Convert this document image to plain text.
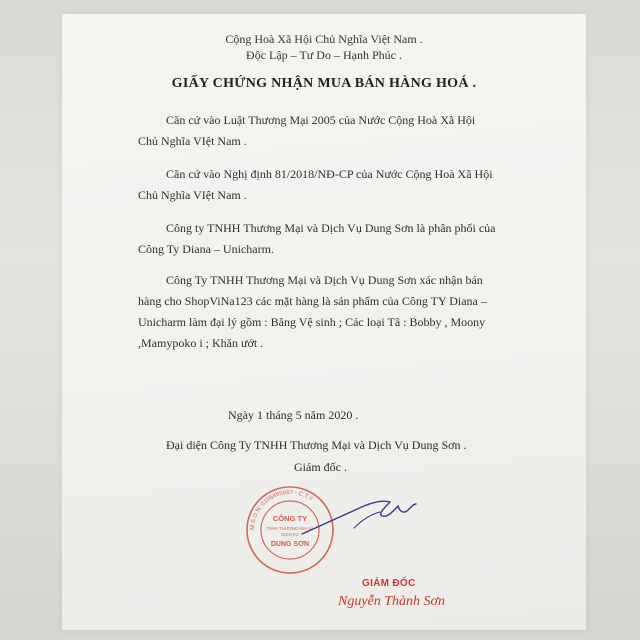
Cộng Hoà Xã Hội Chủ Nghĩa Việt Nam .
Độc Lập – Tư Do – Hạnh Phúc .
GIẤY CHỨNG NHẬN MUA BÁN HÀNG HOÁ .
Căn cứ vào Luật Thương Mại 2005 của Nước Cộng Hoà Xã Hội
Chủ Nghĩa VIệt Nam .
Căn cứ vào Nghị định 81/2018/NĐ-CP của Nước Cộng Hoà Xã Hội
Chủ Nghĩa VIệt Nam .
Công ty TNHH Thương Mại và Dịch Vụ Dung Sơn là phân phối của
Công Ty Diana – Unicharm.
Công Ty TNHH Thương Mại và Dịch Vụ Dung Sơn xác nhận bán
hàng cho ShopViNa123 các mặt hàng là sản phẩm của Công TY Diana –
Unicharm làm đại lý gồm : Băng Vệ sinh ; Các loại Tã : Bobby , Moony
,Mamypoko i ; Khăn ướt .
Ngày 1 tháng 5 năm 2020 .
Đại diện Công Ty TNHH Thương Mại và Dịch Vụ Dung Sơn .
Giám đốc .
M.S.D.N: 0106865667 - C.T.Y
CÔNG TY
TNHH THƯƠNG MẠI VÀ
DỊCH VỤ
DUNG SƠN
GIÁM ĐỐC
Nguyễn Thành Sơn
